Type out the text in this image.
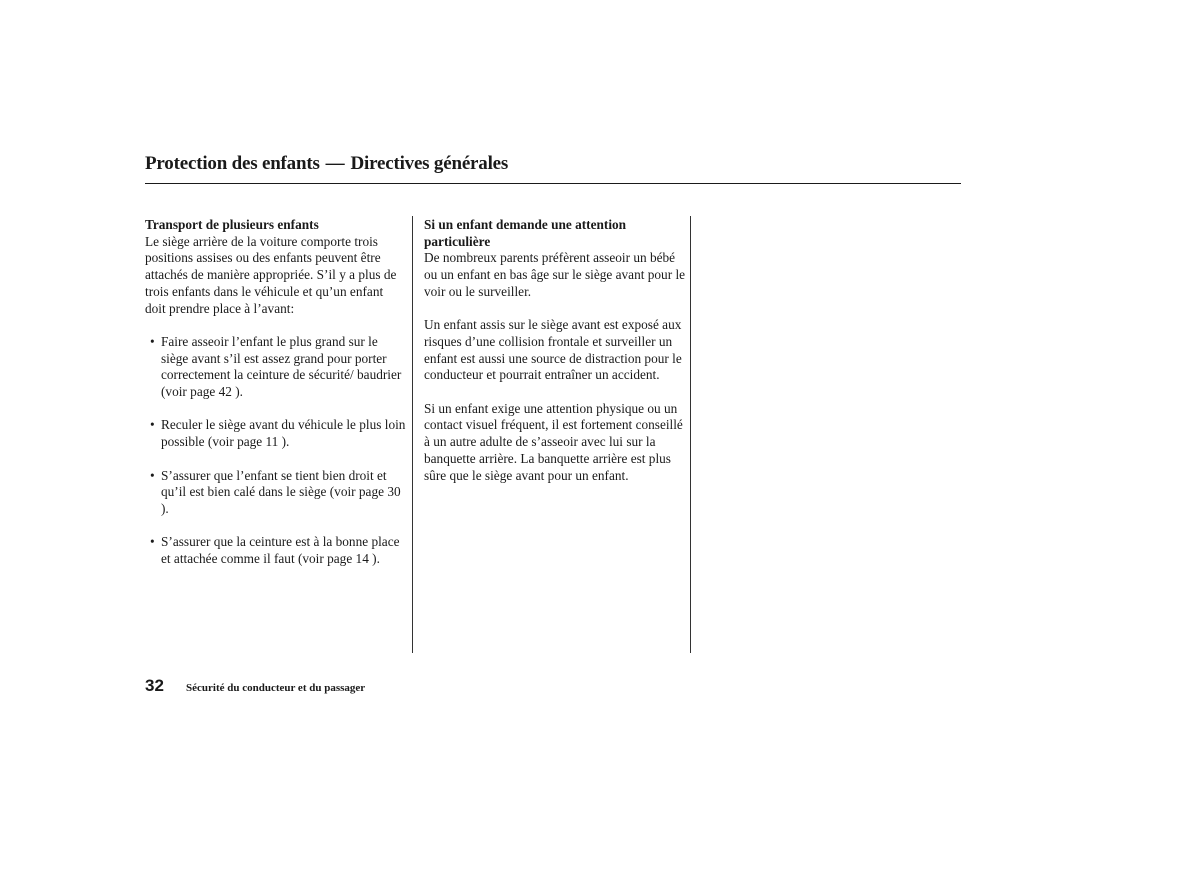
Protection des enfants — Directives générales

Transport de plusieurs enfants

Le siège arrière de la voiture comporte trois positions assises ou des enfants peuvent être attachés de manière appropriée. S’il y a plus de trois enfants dans le véhicule et qu’un enfant doit prendre place à l’avant:

• Faire asseoir l’enfant le plus grand sur le siège avant s’il est assez grand pour porter correctement la ceinture de sécurité/ baudrier (voir page 42 ).
• Reculer le siège avant du véhicule le plus loin possible (voir page 11 ).
• S’assurer que l’enfant se tient bien droit et qu’il est bien calé dans le siège (voir page 30 ).
• S’assurer que la ceinture est à la bonne place et attachée comme il faut (voir page 14 ).

Si un enfant demande une attention particulière

De nombreux parents préfèrent asseoir un bébé ou un enfant en bas âge sur le siège avant pour le voir ou le surveiller.

Un enfant assis sur le siège avant est exposé aux risques d’une collision frontale et surveiller un enfant est aussi une source de distraction pour le conducteur et pourrait entraîner un accident.

Si un enfant exige une attention physique ou un contact visuel fréquent, il est fortement conseillé à un autre adulte de s’asseoir avec lui sur la banquette arrière. La banquette arrière est plus sûre que le siège avant pour un enfant.

32 Sécurité du conducteur et du passager
